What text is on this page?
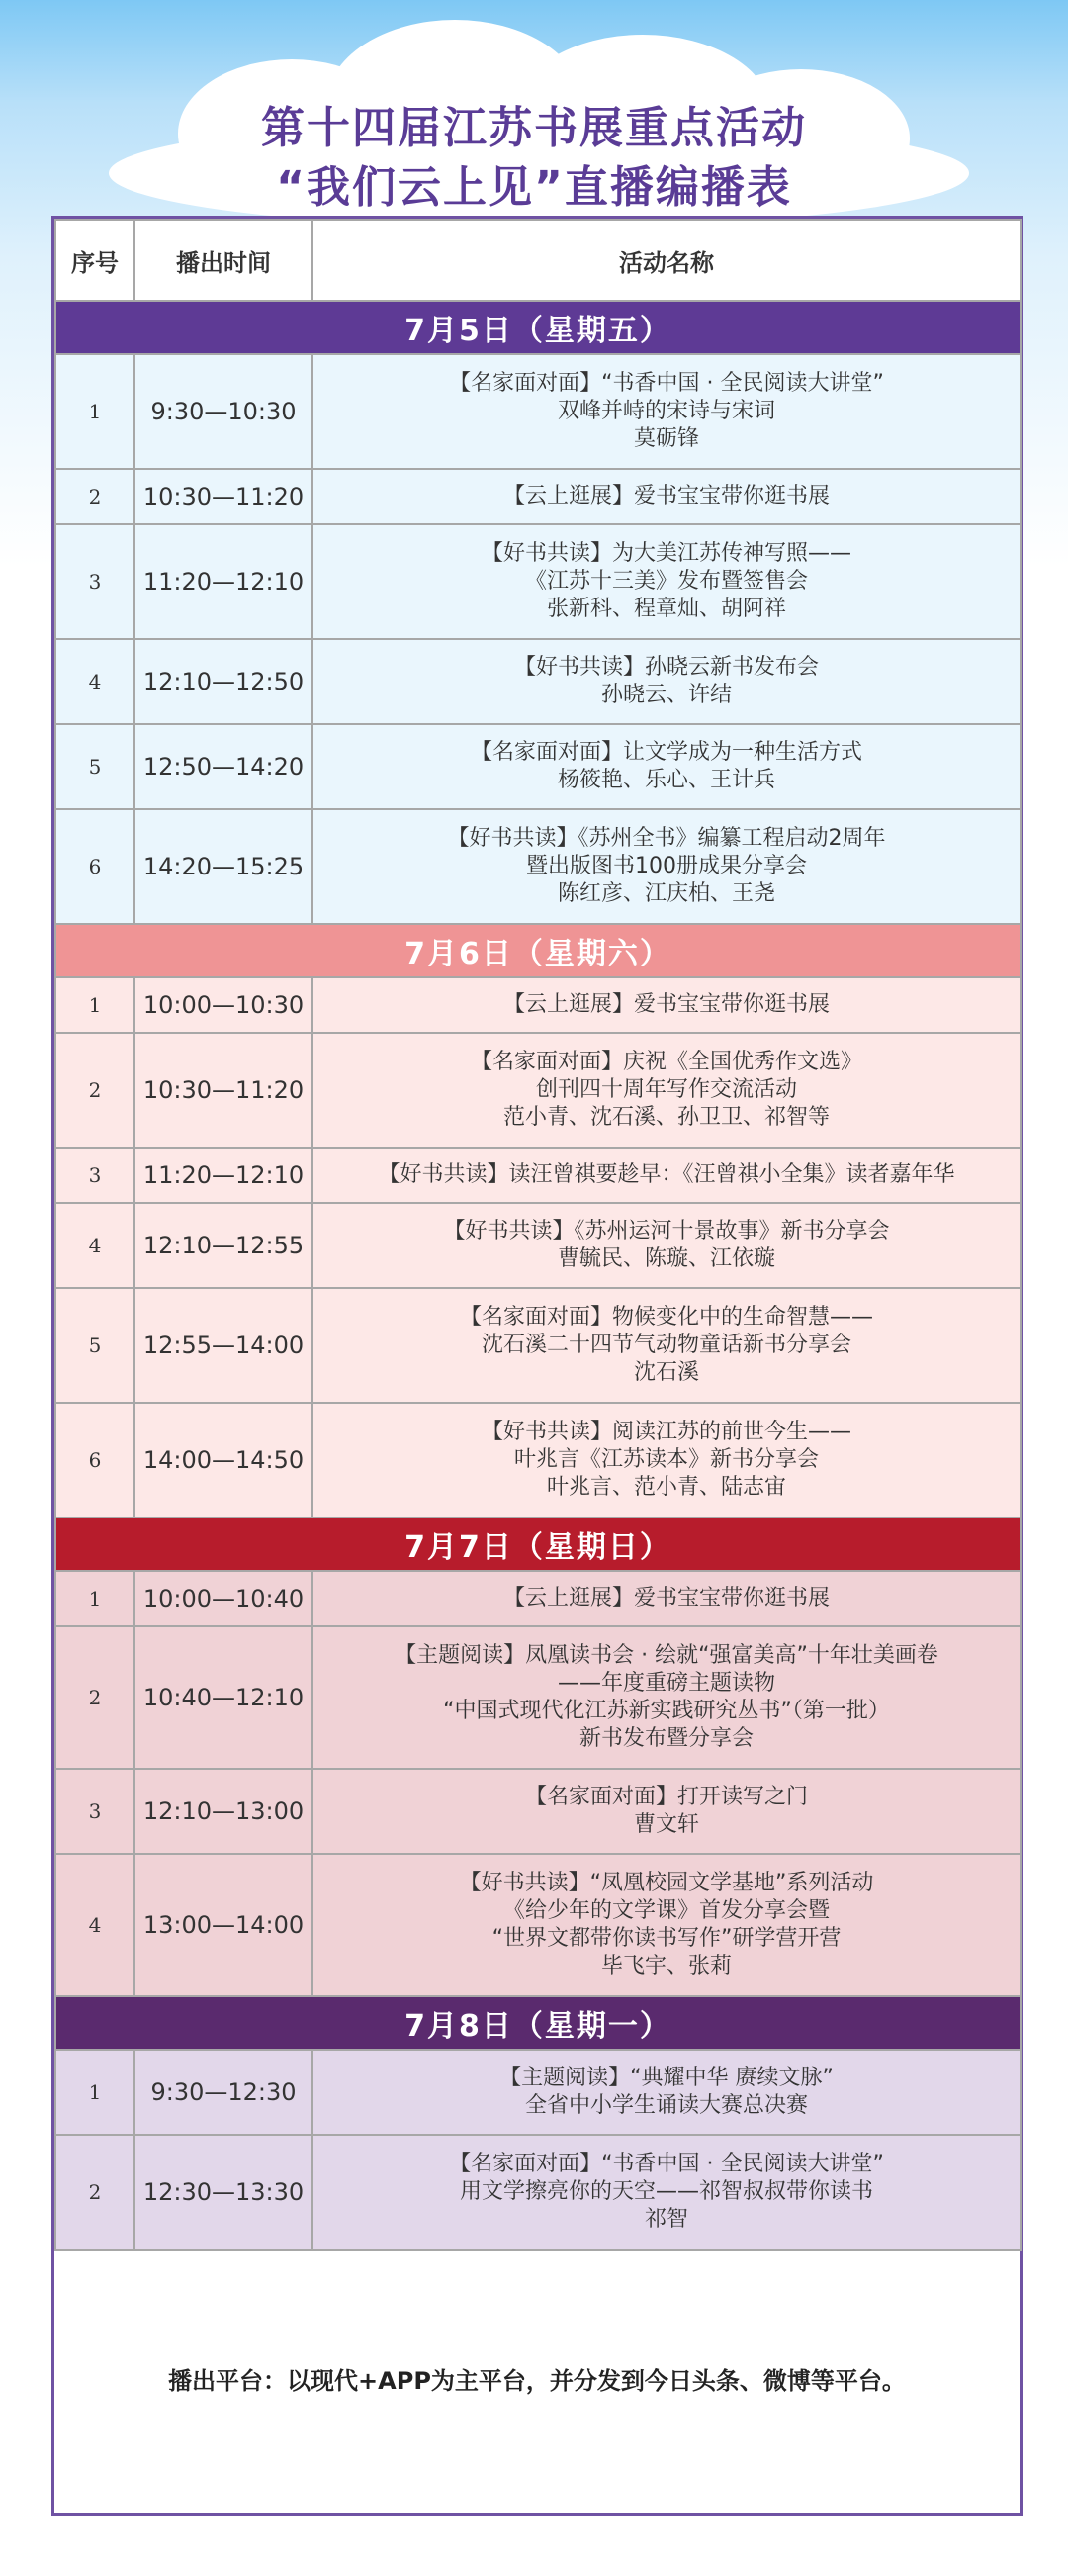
第十四届江苏书展重点活动
“我们云上见”直播编播表
序号	播出时间	活动名称
7月5日（星期五）		
1	9:30—10:30	【名家面对面】“书香中国 · 全民阅读大讲堂”
双峰并峙的宋诗与宋词
莫砺锋

2	10:30—11:20	【云上逛展】爱书宝宝带你逛书展

3	11:20—12:10	【好书共读】为大美江苏传神写照——
《江苏十三美》发布暨签售会
张新科、程章灿、胡阿祥

4	12:10—12:50	【好书共读】孙晓云新书发布会
孙晓云、许结

5	12:50—14:20	【名家面对面】让文学成为一种生活方式
杨筱艳、乐心、王计兵

6	14:20—15:25	【好书共读】《苏州全书》编纂工程启动2周年
暨出版图书100册成果分享会
陈红彦、江庆柏、王尧

7月6日（星期六）		
1	10:00—10:30	【云上逛展】爱书宝宝带你逛书展

2	10:30—11:20	【名家面对面】庆祝《全国优秀作文选》
创刊四十周年写作交流活动
范小青、沈石溪、孙卫卫、祁智等

3	11:20—12:10	【好书共读】读汪曾祺要趁早：《汪曾祺小全集》读者嘉年华

4	12:10—12:55	【好书共读】《苏州运河十景故事》新书分享会
曹毓民、陈璇、江依璇

5	12:55—14:00	【名家面对面】物候变化中的生命智慧——
沈石溪二十四节气动物童话新书分享会
沈石溪

6	14:00—14:50	【好书共读】阅读江苏的前世今生——
叶兆言《江苏读本》新书分享会
叶兆言、范小青、陆志宙

7月7日（星期日）		
1	10:00—10:40	【云上逛展】爱书宝宝带你逛书展

2	10:40—12:10	【主题阅读】凤凰读书会 · 绘就“强富美高”十年壮美画卷
——年度重磅主题读物
“中国式现代化江苏新实践研究丛书”（第一批）
新书发布暨分享会

3	12:10—13:00	【名家面对面】打开读写之门
曹文轩

4	13:00—14:00	【好书共读】“凤凰校园文学基地”系列活动
《给少年的文学课》首发分享会暨
“世界文都带你读书写作”研学营开营
毕飞宇、张莉

7月8日（星期一）		
1	9:30—12:30	【主题阅读】“典耀中华 赓续文脉”
全省中小学生诵读大赛总决赛

2	12:30—13:30	【名家面对面】“书香中国 · 全民阅读大讲堂”
用文学擦亮你的天空——祁智叔叔带你读书
祁智
播出平台：以现代+APP为主平台，并分发到今日头条、微博等平台。
